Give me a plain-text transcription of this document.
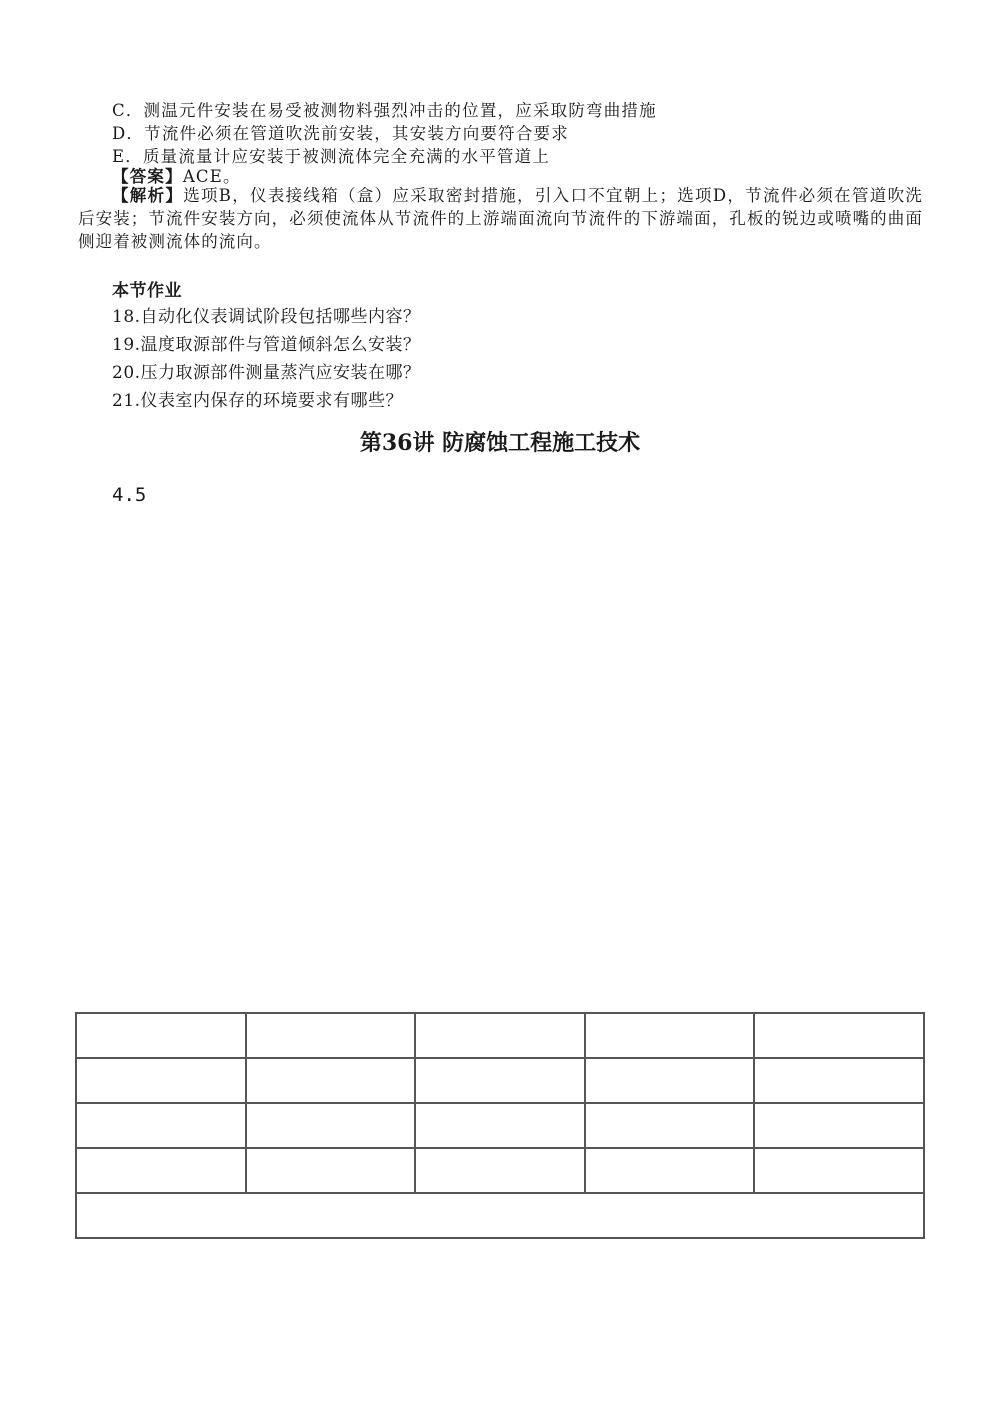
C．测温元件安装在易受被测物料强烈冲击的位置，应采取防弯曲措施

D．节流件必须在管道吹洗前安装，其安装方向要符合要求

E．质量流量计应安装于被测流体完全充满的水平管道上

【答案】ACE。

【解析】选项B，仪表接线箱（盒）应采取密封措施，引入口不宜朝上；选项D，节流件必须在管道吹洗后安装；节流件安装方向，必须使流体从节流件的上游端面流向节流件的下游端面，孔板的锐边或喷嘴的曲面侧迎着被测流体的流向。

本节作业

18.自动化仪表调试阶段包括哪些内容？

19.温度取源部件与管道倾斜怎么安装？

20.压力取源部件测量蒸汽应安装在哪？

21.仪表室内保存的环境要求有哪些？

第36讲 防腐蚀工程施工技术

4.5
